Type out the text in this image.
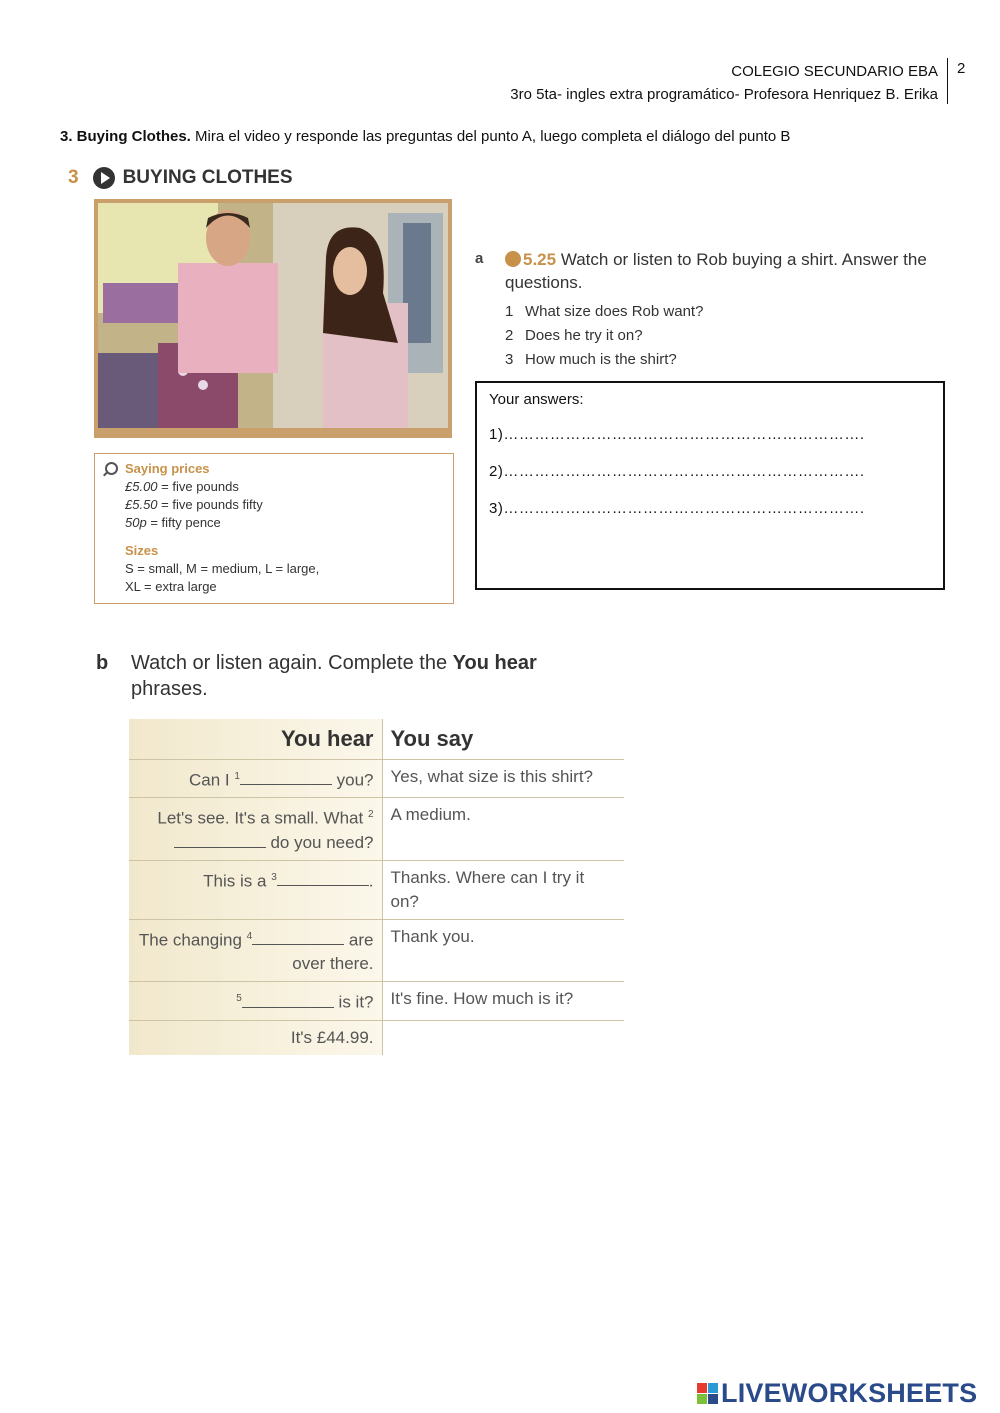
COLEGIO SECUNDARIO EBA
3ro 5ta- ingles extra programático- Profesora Henriquez B. Erika
2
3. Buying Clothes. Mira el video y responde las preguntas del punto A, luego completa el diálogo del punto B
3 BUYING CLOTHES
Saying prices
£5.00 = five pounds
£5.50 = five pounds fifty
50p = fifty pence
Sizes
S = small, M = medium, L = large,
XL = extra large
a	5.25 Watch or listen to Rob buying a shirt. Answer the questions.
1 What size does Rob want?
2 Does he try it on?
3 How much is the shirt?
Your answers:
1)…………………………………………………………….
2)…………………………………………………………….
3)…………………………………………………………….
b Watch or listen again. Complete the You hear phrases.
You hear	You say
Can I $^1$ you?	Yes, what size is this shirt?
Let's see. It's a small. What $^2$ do you need?	A medium.
This is a $^3$ .	Thanks. Where can I try it on?
The changing $^4$ are over there.	Thank you.
$^5$ is it?	It's fine. How much is it?
It's £44.99.	
LIVEWORKSHEETS
